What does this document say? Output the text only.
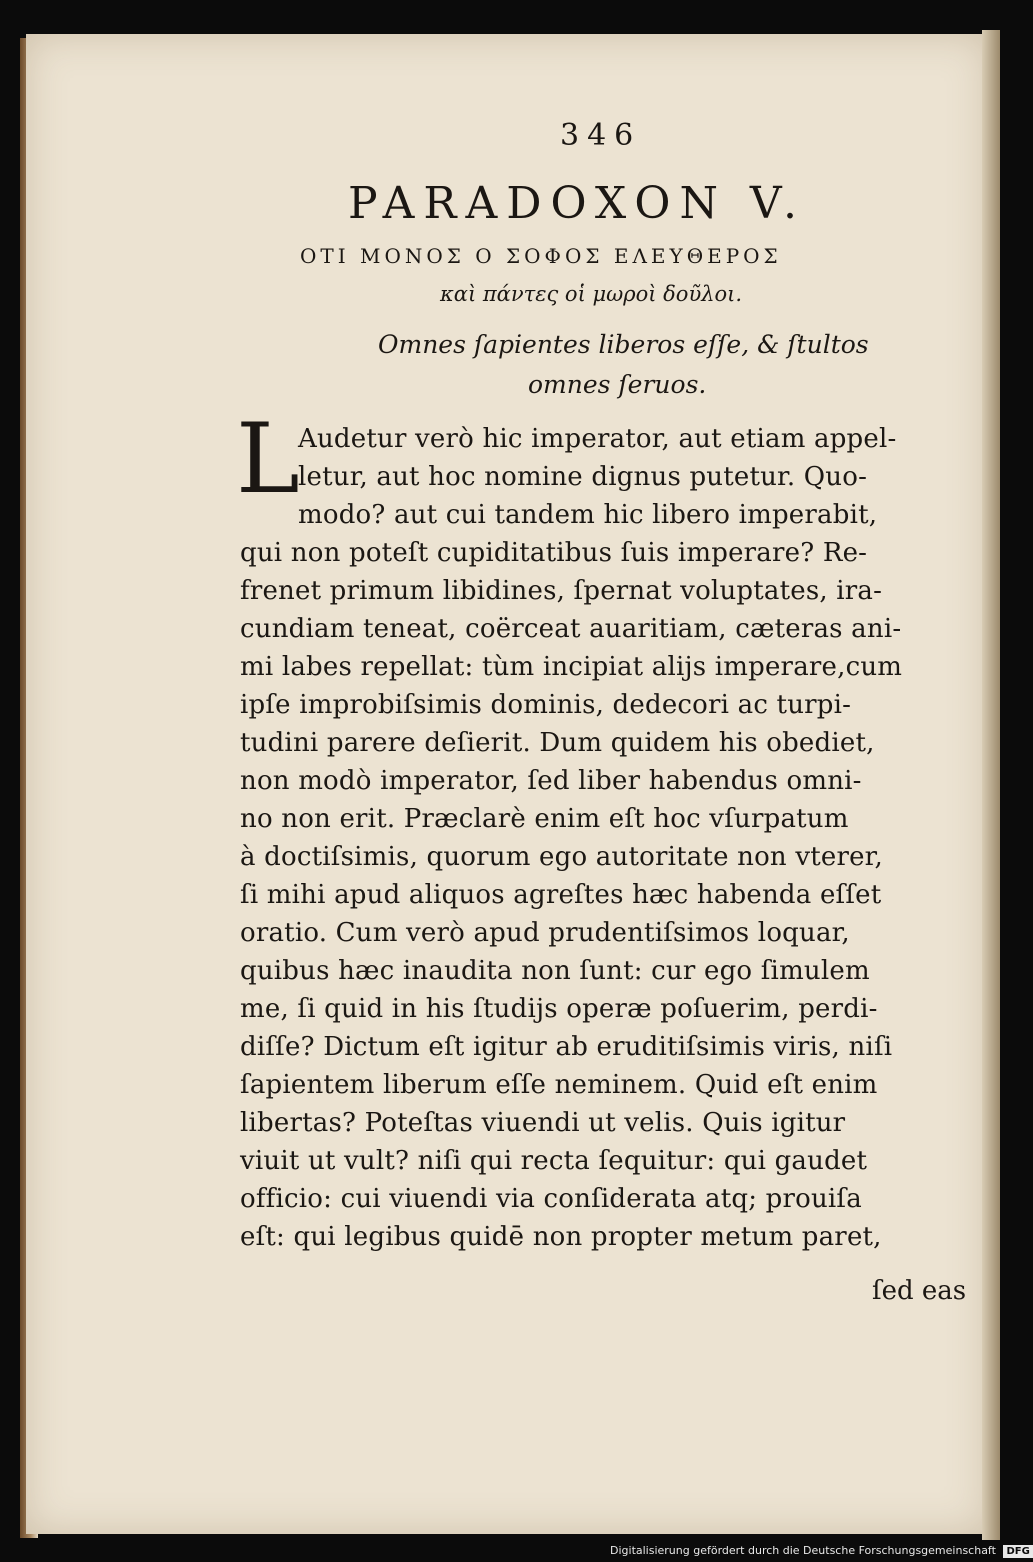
346
PARADOXON V.
ΟΤΙ ΜΟΝΟΣ Ο ΣΟΦΟΣ ΕΛΕΥΘΕΡΟΣ
καὶ πάντες οἱ μωροὶ δοῦλοι.
Omnes ſapientes liberos eſſe, & ſtultos
omnes ſeruos.
L
Audetur verò hic imperator, aut etiam appel-
letur, aut hoc nomine dignus putetur. Quo-
modo? aut cui tandem hic libero imperabit,
qui non poteſt cupiditatibus ſuis imperare? Re-
frenet primum libidines, ſpernat voluptates, ira-
cundiam teneat, coërceat auaritiam, cæteras ani-
mi labes repellat: tùm incipiat alijs imperare,cum
ipſe improbiſsimis dominis, dedecori ac turpi-
tudini parere deſierit. Dum quidem his obediet,
non modò imperator, ſed liber habendus omni-
no non erit. Præclarè enim eſt hoc vſurpatum
à doctiſsimis, quorum ego autoritate non vterer,
ſi mihi apud aliquos agreſtes hæc habenda eſſet
oratio. Cum verò apud prudentiſsimos loquar,
quibus hæc inaudita non ſunt: cur ego ſimulem
me, ſi quid in his ſtudijs operæ poſuerim, perdi-
diſſe? Dictum eſt igitur ab eruditiſsimis viris, niſi
ſapientem liberum eſſe neminem. Quid eſt enim
libertas? Poteſtas viuendi ut velis. Quis igitur
viuit ut vult? niſi qui recta ſequitur: qui gaudet
officio: cui viuendi via conſiderata atq; prouiſa
eſt: qui legibus quidē non propter metum paret,
ſed eas
Digitalisierung gefördert durch die Deutsche Forschungsgemeinschaft DFG
